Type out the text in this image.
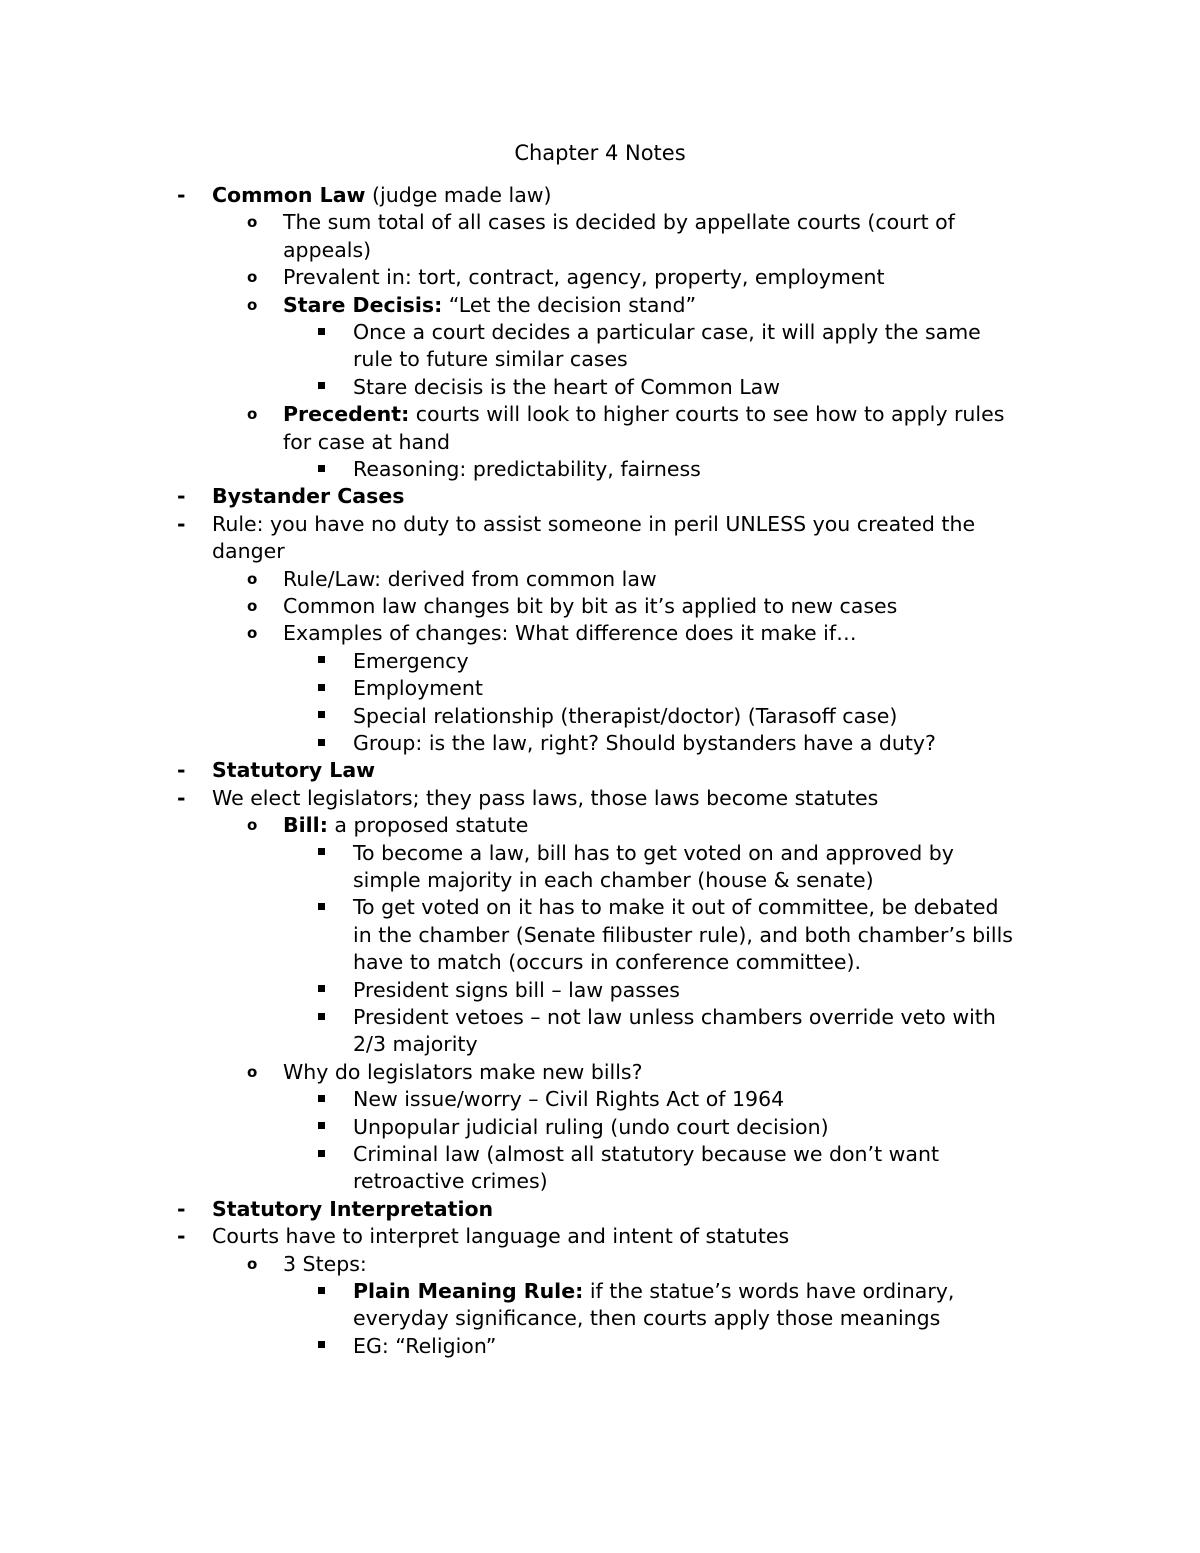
Chapter 4 Notes
- Common Law (judge made law)
o The sum total of all cases is decided by appellate courts (court of
appeals)
o Prevalent in: tort, contract, agency, property, employment
o Stare Decisis: “Let the decision stand”
Once a court decides a particular case, it will apply the same
rule to future similar cases
Stare decisis is the heart of Common Law
o Precedent: courts will look to higher courts to see how to apply rules
for case at hand
Reasoning: predictability, fairness
- Bystander Cases
- Rule: you have no duty to assist someone in peril UNLESS you created the
danger
o Rule/Law: derived from common law
o Common law changes bit by bit as it’s applied to new cases
o Examples of changes: What difference does it make if…
Emergency
Employment
Special relationship (therapist/doctor) (Tarasoff case)
Group: is the law, right? Should bystanders have a duty?
- Statutory Law
- We elect legislators; they pass laws, those laws become statutes
o Bill: a proposed statute
To become a law, bill has to get voted on and approved by
simple majority in each chamber (house & senate)
To get voted on it has to make it out of committee, be debated
in the chamber (Senate filibuster rule), and both chamber’s bills
have to match (occurs in conference committee).
President signs bill – law passes
President vetoes – not law unless chambers override veto with
2/3 majority
o Why do legislators make new bills?
New issue/worry – Civil Rights Act of 1964
Unpopular judicial ruling (undo court decision)
Criminal law (almost all statutory because we don’t want
retroactive crimes)
- Statutory Interpretation
- Courts have to interpret language and intent of statutes
o 3 Steps:
Plain Meaning Rule: if the statue’s words have ordinary,
everyday significance, then courts apply those meanings
EG: “Religion”
